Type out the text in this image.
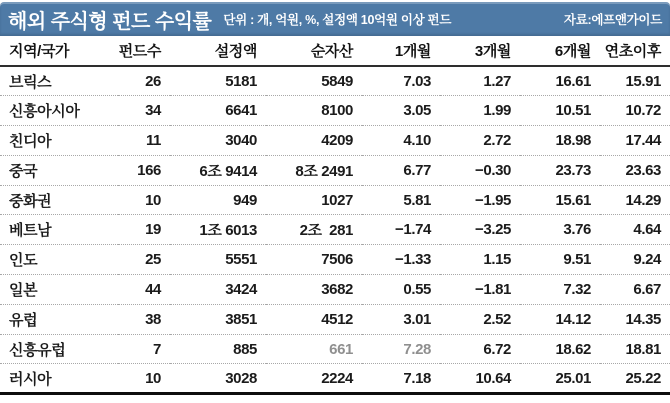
해외 주식형 펀드 수익률 단위 : 개, 억원, %, 설정액 10억원 이상 펀드	자료:에프앤가이드
지역/국가	펀드수	설정액	순자산	1개월	3개월	6개월	연초이후
브릭스	26	5181	5849	7.03	1.27	16.61	15.91
신흥아시아	34	6641	8100	3.05	1.99	10.51	10.72
친디아	11	3040	4209	4.10	2.72	18.98	17.44
중국	166	6조 9414	8조 2491	6.77	−0.30	23.73	23.63
중화권	10	949	1027	5.81	−1.95	15.61	14.29
베트남	19	1조 6013	2조  281	−1.74	−3.25	3.76	4.64
인도	25	5551	7506	−1.33	1.15	9.51	9.24
일본	44	3424	3682	0.55	−1.81	7.32	6.67
유럽	38	3851	4512	3.01	2.52	14.12	14.35
신흥유럽	7	885	661	7.28	6.72	18.62	18.81
러시아	10	3028	2224	7.18	10.64	25.01	25.22
